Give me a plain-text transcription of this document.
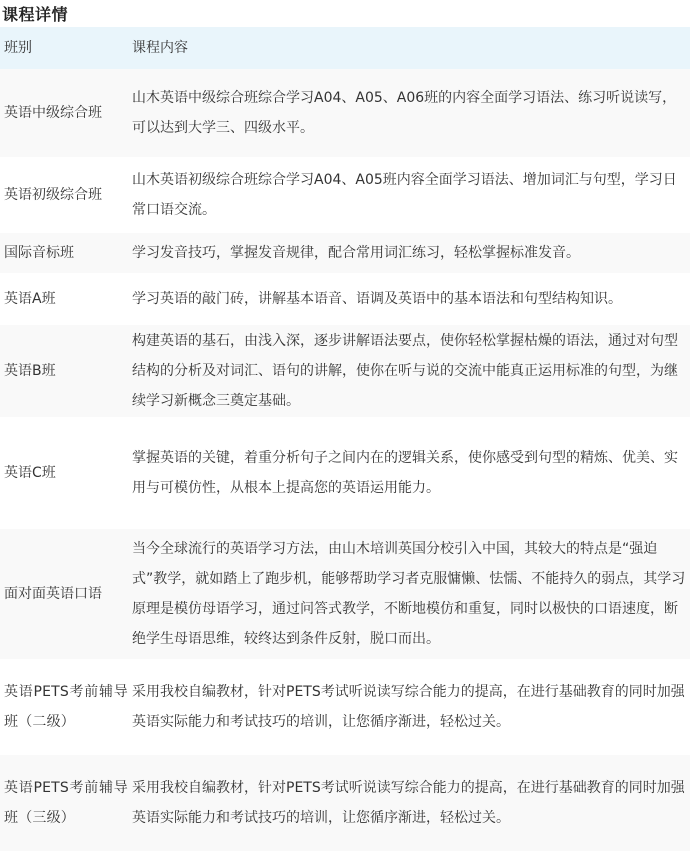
课程详情
班别	课程内容
英语中级综合班	山木英语中级综合班综合学习A04、A05、A06班的内容全面学习语法、练习听说读写，可以达到大学三、四级水平。
英语初级综合班	山木英语初级综合班综合学习A04、A05班内容全面学习语法、增加词汇与句型，学习日常口语交流。
国际音标班	学习发音技巧，掌握发音规律，配合常用词汇练习，轻松掌握标准发音。
英语A班	学习英语的敲门砖，讲解基本语音、语调及英语中的基本语法和句型结构知识。
英语B班	构建英语的基石，由浅入深，逐步讲解语法要点，使你轻松掌握枯燥的语法，通过对句型结构的分析及对词汇、语句的讲解，使你在听与说的交流中能真正运用标准的句型，为继续学习新概念三奠定基础。
英语C班	掌握英语的关键，着重分析句子之间内在的逻辑关系，使你感受到句型的精炼、优美、实用与可模仿性，从根本上提高您的英语运用能力。
面对面英语口语	当今全球流行的英语学习方法，由山木培训英国分校引入中国，其较大的特点是“强迫式”教学，就如踏上了跑步机，能够帮助学习者克服慵懒、怯懦、不能持久的弱点，其学习原理是模仿母语学习，通过问答式教学，不断地模仿和重复，同时以极快的口语速度，断绝学生母语思维，较终达到条件反射，脱口而出。

英语PETS考前辅导班（二级）	采用我校自编教材，针对PETS考试听说读写综合能力的提高，在进行基础教育的同时加强英语实际能力和考试技巧的培训，让您循序渐进，轻松过关。

英语PETS考前辅导班（三级）	采用我校自编教材，针对PETS考试听说读写综合能力的提高，在进行基础教育的同时加强英语实际能力和考试技巧的培训，让您循序渐进，轻松过关。
